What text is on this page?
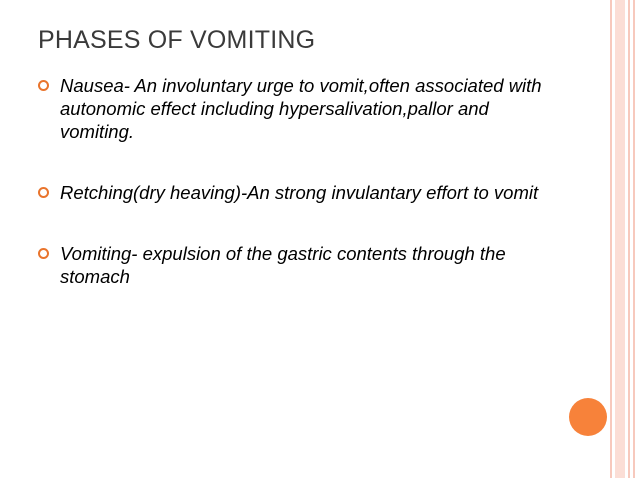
PHASES OF VOMITING
Nausea- An involuntary urge to vomit,often associated with autonomic effect including hypersalivation,pallor and vomiting.
Retching(dry heaving)-An strong invulantary effort to vomit
Vomiting- expulsion of the gastric contents through the stomach
